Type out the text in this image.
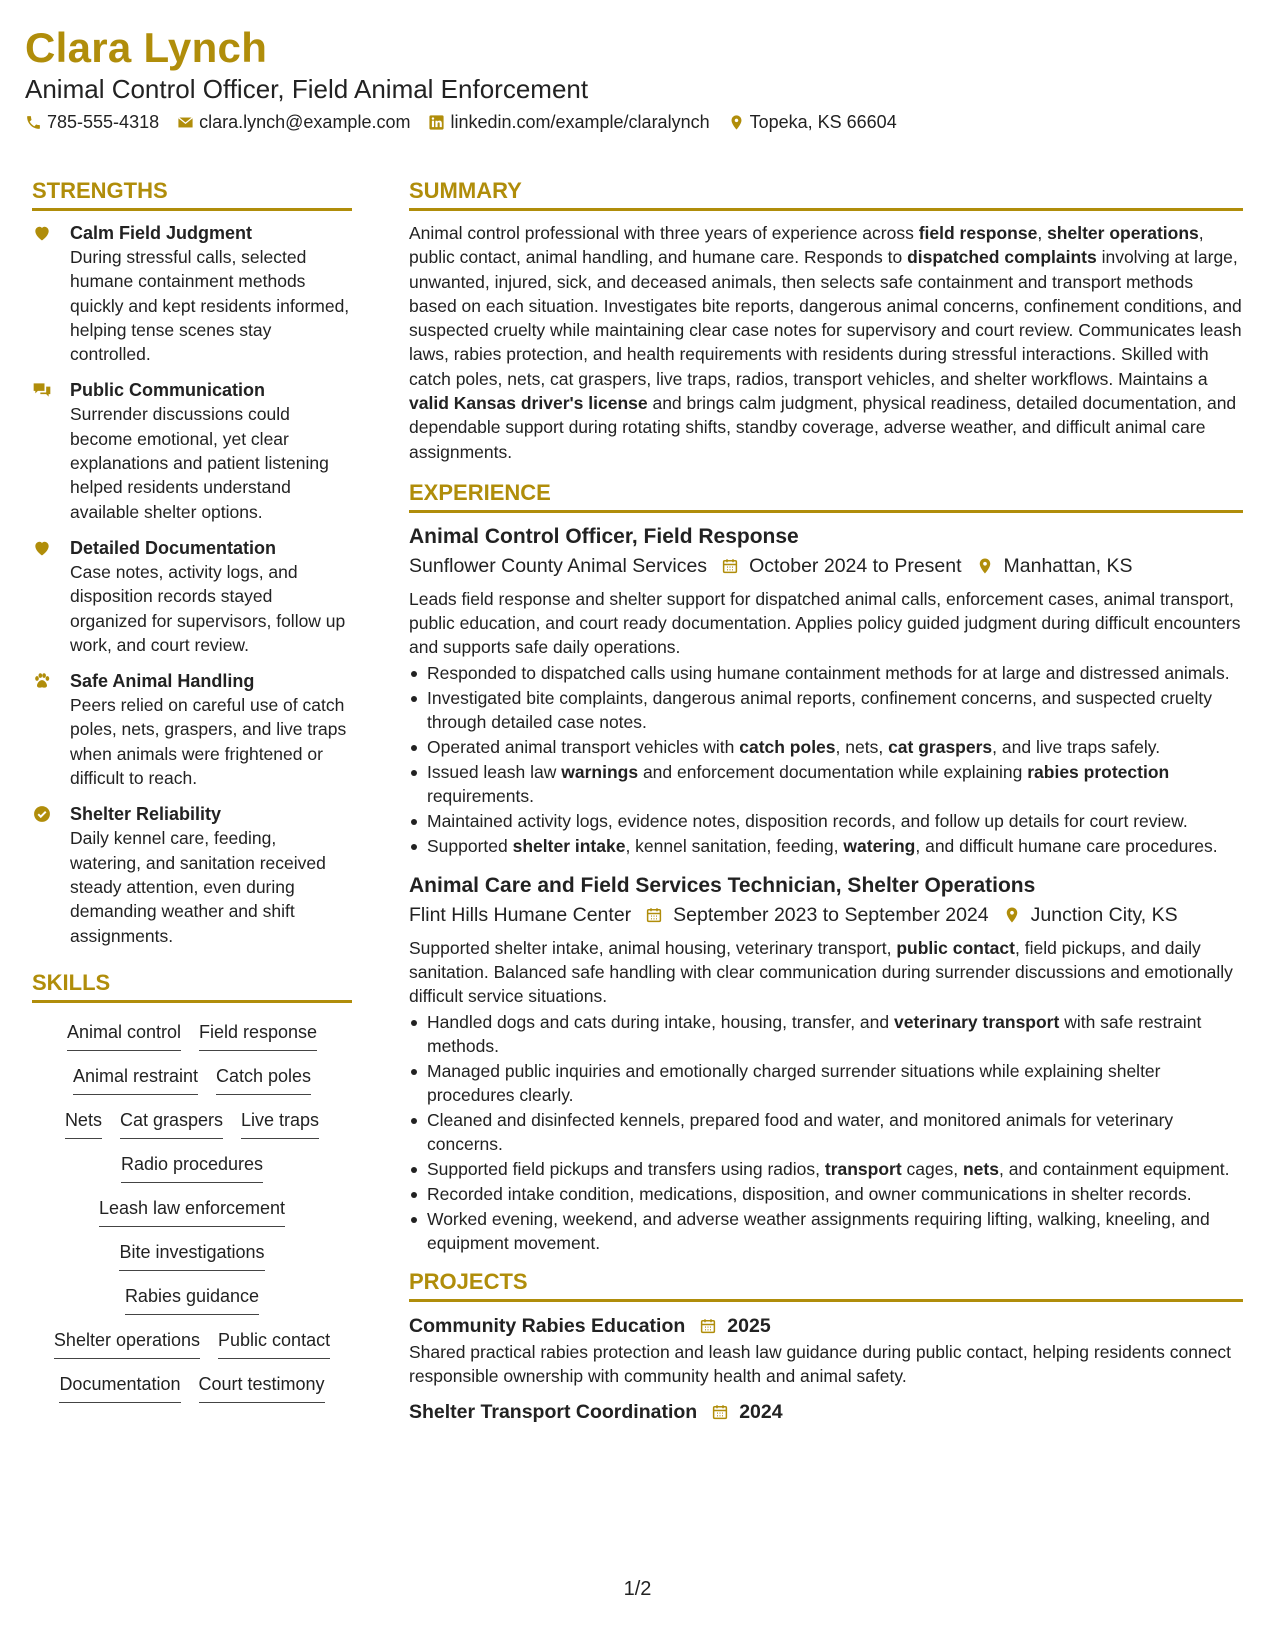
Clara Lynch
Animal Control Officer, Field Animal Enforcement
785-555-4318 clara.lynch@example.com linkedin.com/example/claralynch Topeka, KS 66604
STRENGTHS
Calm Field Judgment
During stressful calls, selected humane containment methods quickly and kept residents informed, helping tense scenes stay controlled.
Public Communication
Surrender discussions could become emotional, yet clear explanations and patient listening helped residents understand available shelter options.
Detailed Documentation
Case notes, activity logs, and disposition records stayed organized for supervisors, follow up work, and court review.
Safe Animal Handling
Peers relied on careful use of catch poles, nets, graspers, and live traps when animals were frightened or difficult to reach.
Shelter Reliability
Daily kennel care, feeding, watering, and sanitation received steady attention, even during demanding weather and shift assignments.
SKILLS
Animal control Field response
Animal restraint Catch poles
Nets Cat graspers Live traps
Radio procedures
Leash law enforcement
Bite investigations
Rabies guidance
Shelter operations Public contact
Documentation Court testimony
SUMMARY
Animal control professional with three years of experience across field response, shelter operations, public contact, animal handling, and humane care. Responds to dispatched complaints involving at large, unwanted, injured, sick, and deceased animals, then selects safe containment and transport methods based on each situation. Investigates bite reports, dangerous animal concerns, confinement conditions, and suspected cruelty while maintaining clear case notes for supervisory and court review. Communicates leash laws, rabies protection, and health requirements with residents during stressful interactions. Skilled with catch poles, nets, cat graspers, live traps, radios, transport vehicles, and shelter workflows. Maintains a valid Kansas driver's license and brings calm judgment, physical readiness, detailed documentation, and dependable support during rotating shifts, standby coverage, adverse weather, and difficult animal care assignments.
EXPERIENCE
Animal Control Officer, Field Response
Sunflower County Animal Services October 2024 to Present Manhattan, KS
Leads field response and shelter support for dispatched animal calls, enforcement cases, animal transport, public education, and court ready documentation. Applies policy guided judgment during difficult encounters and supports safe daily operations.
Responded to dispatched calls using humane containment methods for at large and distressed animals.
Investigated bite complaints, dangerous animal reports, confinement concerns, and suspected cruelty through detailed case notes.
Operated animal transport vehicles with catch poles, nets, cat graspers, and live traps safely.
Issued leash law warnings and enforcement documentation while explaining rabies protection requirements.
Maintained activity logs, evidence notes, disposition records, and follow up details for court review.
Supported shelter intake, kennel sanitation, feeding, watering, and difficult humane care procedures.
Animal Care and Field Services Technician, Shelter Operations
Flint Hills Humane Center September 2023 to September 2024 Junction City, KS
Supported shelter intake, animal housing, veterinary transport, public contact, field pickups, and daily sanitation. Balanced safe handling with clear communication during surrender discussions and emotionally difficult service situations.
Handled dogs and cats during intake, housing, transfer, and veterinary transport with safe restraint methods.
Managed public inquiries and emotionally charged surrender situations while explaining shelter procedures clearly.
Cleaned and disinfected kennels, prepared food and water, and monitored animals for veterinary concerns.
Supported field pickups and transfers using radios, transport cages, nets, and containment equipment.
Recorded intake condition, medications, disposition, and owner communications in shelter records.
Worked evening, weekend, and adverse weather assignments requiring lifting, walking, kneeling, and equipment movement.
PROJECTS
Community Rabies Education 2025
Shared practical rabies protection and leash law guidance during public contact, helping residents connect responsible ownership with community health and animal safety.
Shelter Transport Coordination 2024
1/2
